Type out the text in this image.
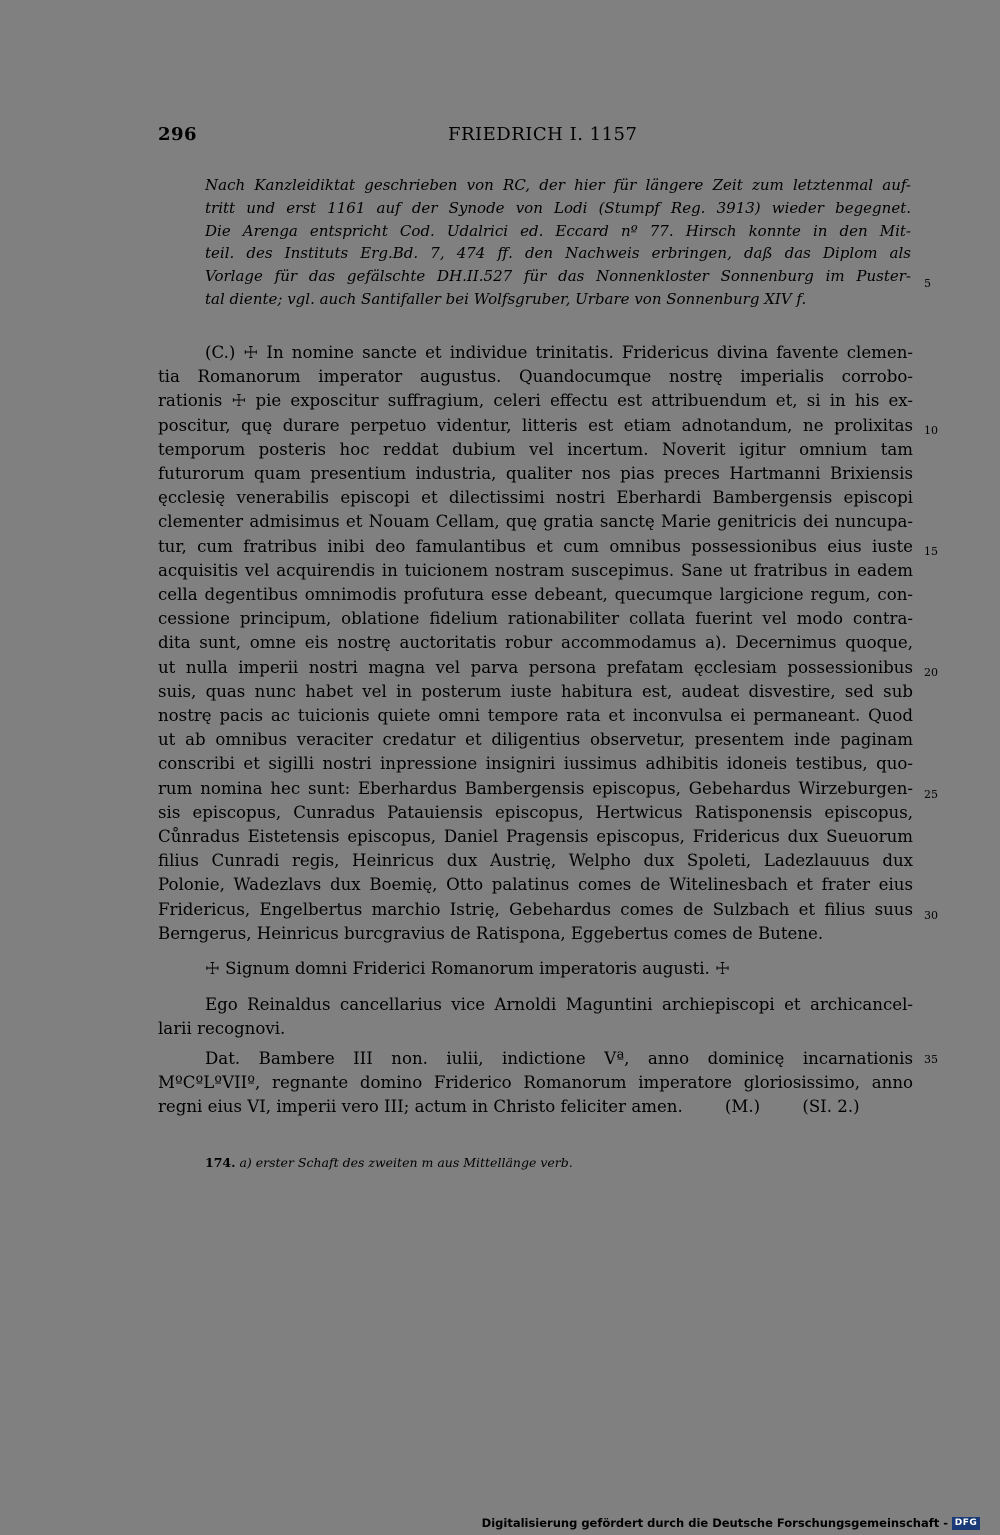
296	FRIEDRICH I. 1157
Nach Kanzleidiktat geschrieben von RC, der hier für längere Zeit zum letztenmal auf-
tritt und erst 1161 auf der Synode von Lodi (Stumpf Reg. 3913) wieder begegnet.
Die Arenga entspricht Cod. Udalrici ed. Eccard nº 77. Hirsch konnte in den Mit-
teil. des Instituts Erg.Bd. 7, 474 ff. den Nachweis erbringen, daß das Diplom als
Vorlage für das gefälschte DH.II.527 für das Nonnenkloster Sonnenburg im Puster-
tal diente; vgl. auch Santifaller bei Wolfsgruber, Urbare von Sonnenburg XIV f.
(C.) ☩ In nomine sancte et individue trinitatis. Fridericus divina favente clemen-
tia Romanorum imperator augustus. Quandocumque nostrę imperialis corrobo-
rationis ☩ pie exposcitur suffragium, celeri effectu est attribuendum et, si in his ex-
poscitur, quę durare perpetuo videntur, litteris est etiam adnotandum, ne prolixitas
temporum posteris hoc reddat dubium vel incertum. Noverit igitur omnium tam
futurorum quam presentium industria, qualiter nos pias preces Hartmanni Brixiensis
ęcclesię venerabilis episcopi et dilectissimi nostri Eberhardi Bambergensis episcopi
clementer admisimus et Nouam Cellam, quę gratia sanctę Marie genitricis dei nuncupa-
tur, cum fratribus inibi deo famulantibus et cum omnibus possessionibus eius iuste
acquisitis vel acquirendis in tuicionem nostram suscepimus. Sane ut fratribus in eadem
cella degentibus omnimodis profutura esse debeant, quecumque largicione regum, con-
cessione principum, oblatione fidelium rationabiliter collata fuerint vel modo contra-
dita sunt, omne eis nostrę auctoritatis robur accommodamus a). Decernimus quoque,
ut nulla imperii nostri magna vel parva persona prefatam ęcclesiam possessionibus
suis, quas nunc habet vel in posterum iuste habitura est, audeat disvestire, sed sub
nostrę pacis ac tuicionis quiete omni tempore rata et inconvulsa ei permaneant. Quod
ut ab omnibus veraciter credatur et diligentius observetur, presentem inde paginam
conscribi et sigilli nostri inpressione insigniri iussimus adhibitis idoneis testibus, quo-
rum nomina hec sunt: Eberhardus Bambergensis episcopus, Gebehardus Wirzeburgen-
sis episcopus, Cunradus Patauiensis episcopus, Hertwicus Ratisponensis episcopus,
Cůnradus Eistetensis episcopus, Daniel Pragensis episcopus, Fridericus dux Sueuorum
filius Cunradi regis, Heinricus dux Austrię, Welpho dux Spoleti, Ladezlauuus dux
Polonie, Wadezlavs dux Boemię, Otto palatinus comes de Witelinesbach et frater eius
Fridericus, Engelbertus marchio Istrię, Gebehardus comes de Sulzbach et filius suus
Berngerus, Heinricus burcgravius de Ratispona, Eggebertus comes de Butene.
☩ Signum domni Friderici Romanorum imperatoris augusti. ☩
Ego Reinaldus cancellarius vice Arnoldi Maguntini archiepiscopi et archicancel-
larii recognovi.
Dat. Bambere III non. iulii, indictione Vª, anno dominicę incarnationis
MºCºLºVIIº, regnante domino Friderico Romanorum imperatore gloriosissimo, anno
regni eius VI, imperii vero III; actum in Christo feliciter amen.        (M.)        (SI. 2.)
174. a) erster Schaft des zweiten m aus Mittellänge verb.
5
10
15
20
25
30
35
Digitalisierung gefördert durch die Deutsche Forschungsgemeinschaft - DFG
